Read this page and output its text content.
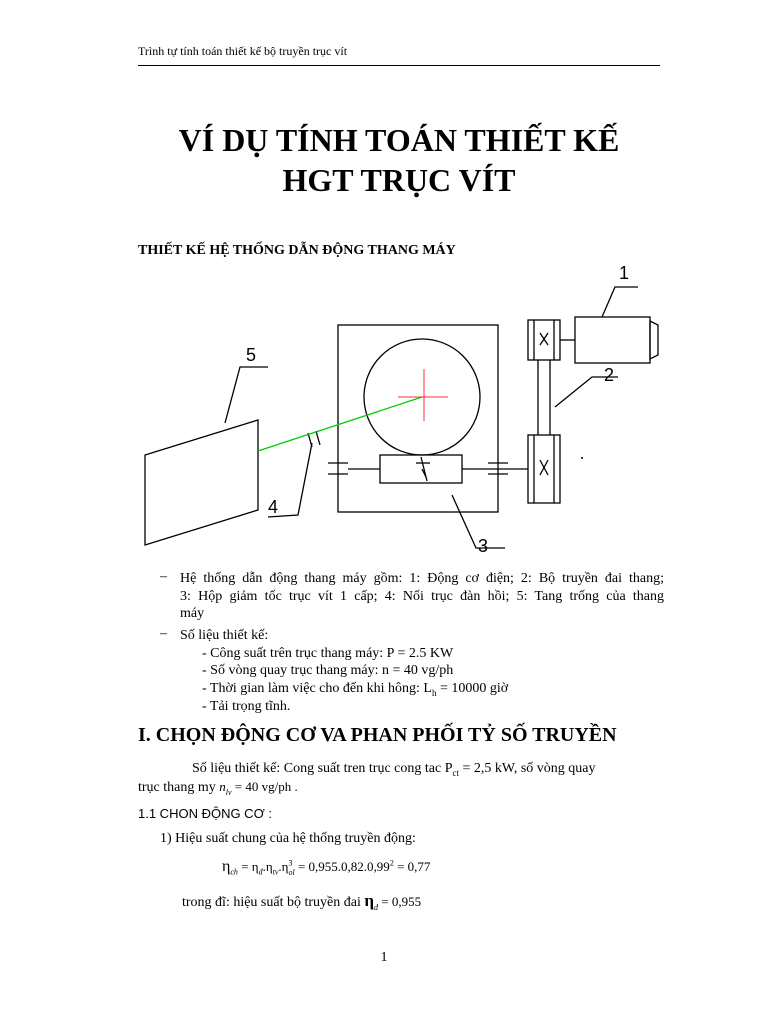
Trình tự tính toán thiết kế bộ truyền trục vít
VÍ DỤ TÍNH TOÁN THIẾT KẾ
HGT TRỤC VÍT
THIẾT KẾ HỆ THỐNG DẪN ĐỘNG THANG MÁY
1
2
3
4
5
– Hệ thống dẫn động thang máy gồm: 1: Động cơ điện; 2: Bộ truyền đai thang;
3: Hộp giảm tốc trục vít 1 cấp; 4: Nối trục đàn hồi; 5: Tang trống của thang
máy
– Số liệu thiết kế:
- Công suất trên trục thang máy: P = 2.5 KW
- Số vòng quay trục thang máy: n = 40 vg/ph
- Thời gian làm việc cho đến khi hông: $L_h = 10000$ giờ
- Tải trọng tĩnh.
I. CHỌN ĐỘNG CƠ VA PHAN PHỐI TỶ SỐ TRUYỀN
Số liệu thiết kế: Cong suất tren trục cong tac $P_{ct} = 2,5$ kW, số vòng quay
trục thang my $n_{lv} = 40$ vg/ph .
1.1 CHON ĐỘNG CƠ :
1) Hiệu suất chung của hệ thống truyền động:
$\eta_{ch} = \eta_đ.\eta_{tv}.\eta^3_{ol} = 0,955.0,82.0,99^2 = 0,77$
trong đĩ: hiệu suất bộ truyền đai $\eta_đ = 0,955$
1
